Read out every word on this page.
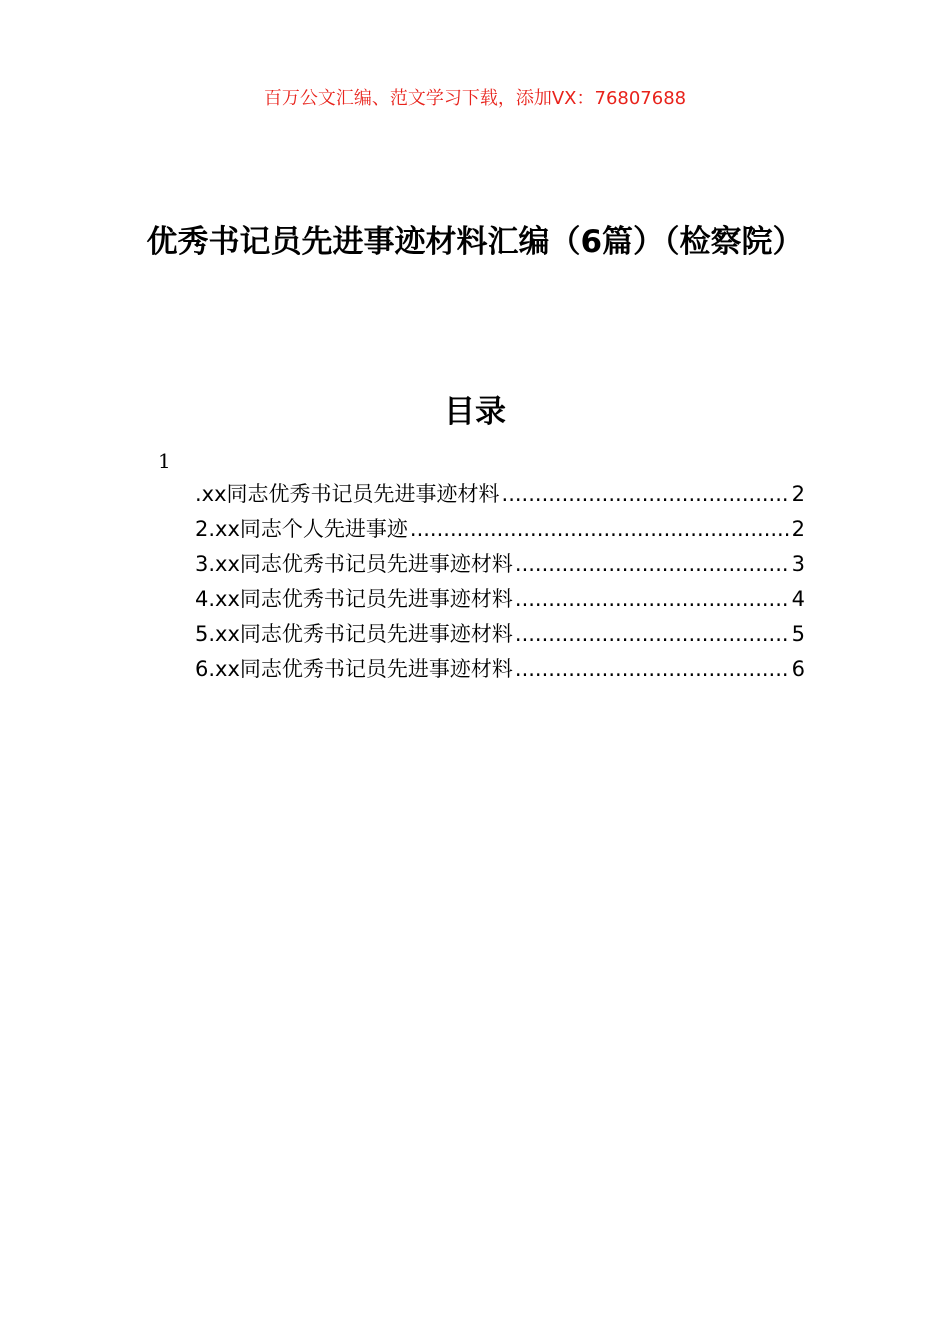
百万公文汇编、范文学习下载，添加VX：76807688
优秀书记员先进事迹材料汇编（6篇）（检察院）
目录
1
.xx同志优秀书记员先进事迹材料 .....	2
2.xx同志个人先进事迹 .....	2
3.xx同志优秀书记员先进事迹材料 .....	3
4.xx同志优秀书记员先进事迹材料 .....	4
5.xx同志优秀书记员先进事迹材料 .....	5
6.xx同志优秀书记员先进事迹材料 .....	6
